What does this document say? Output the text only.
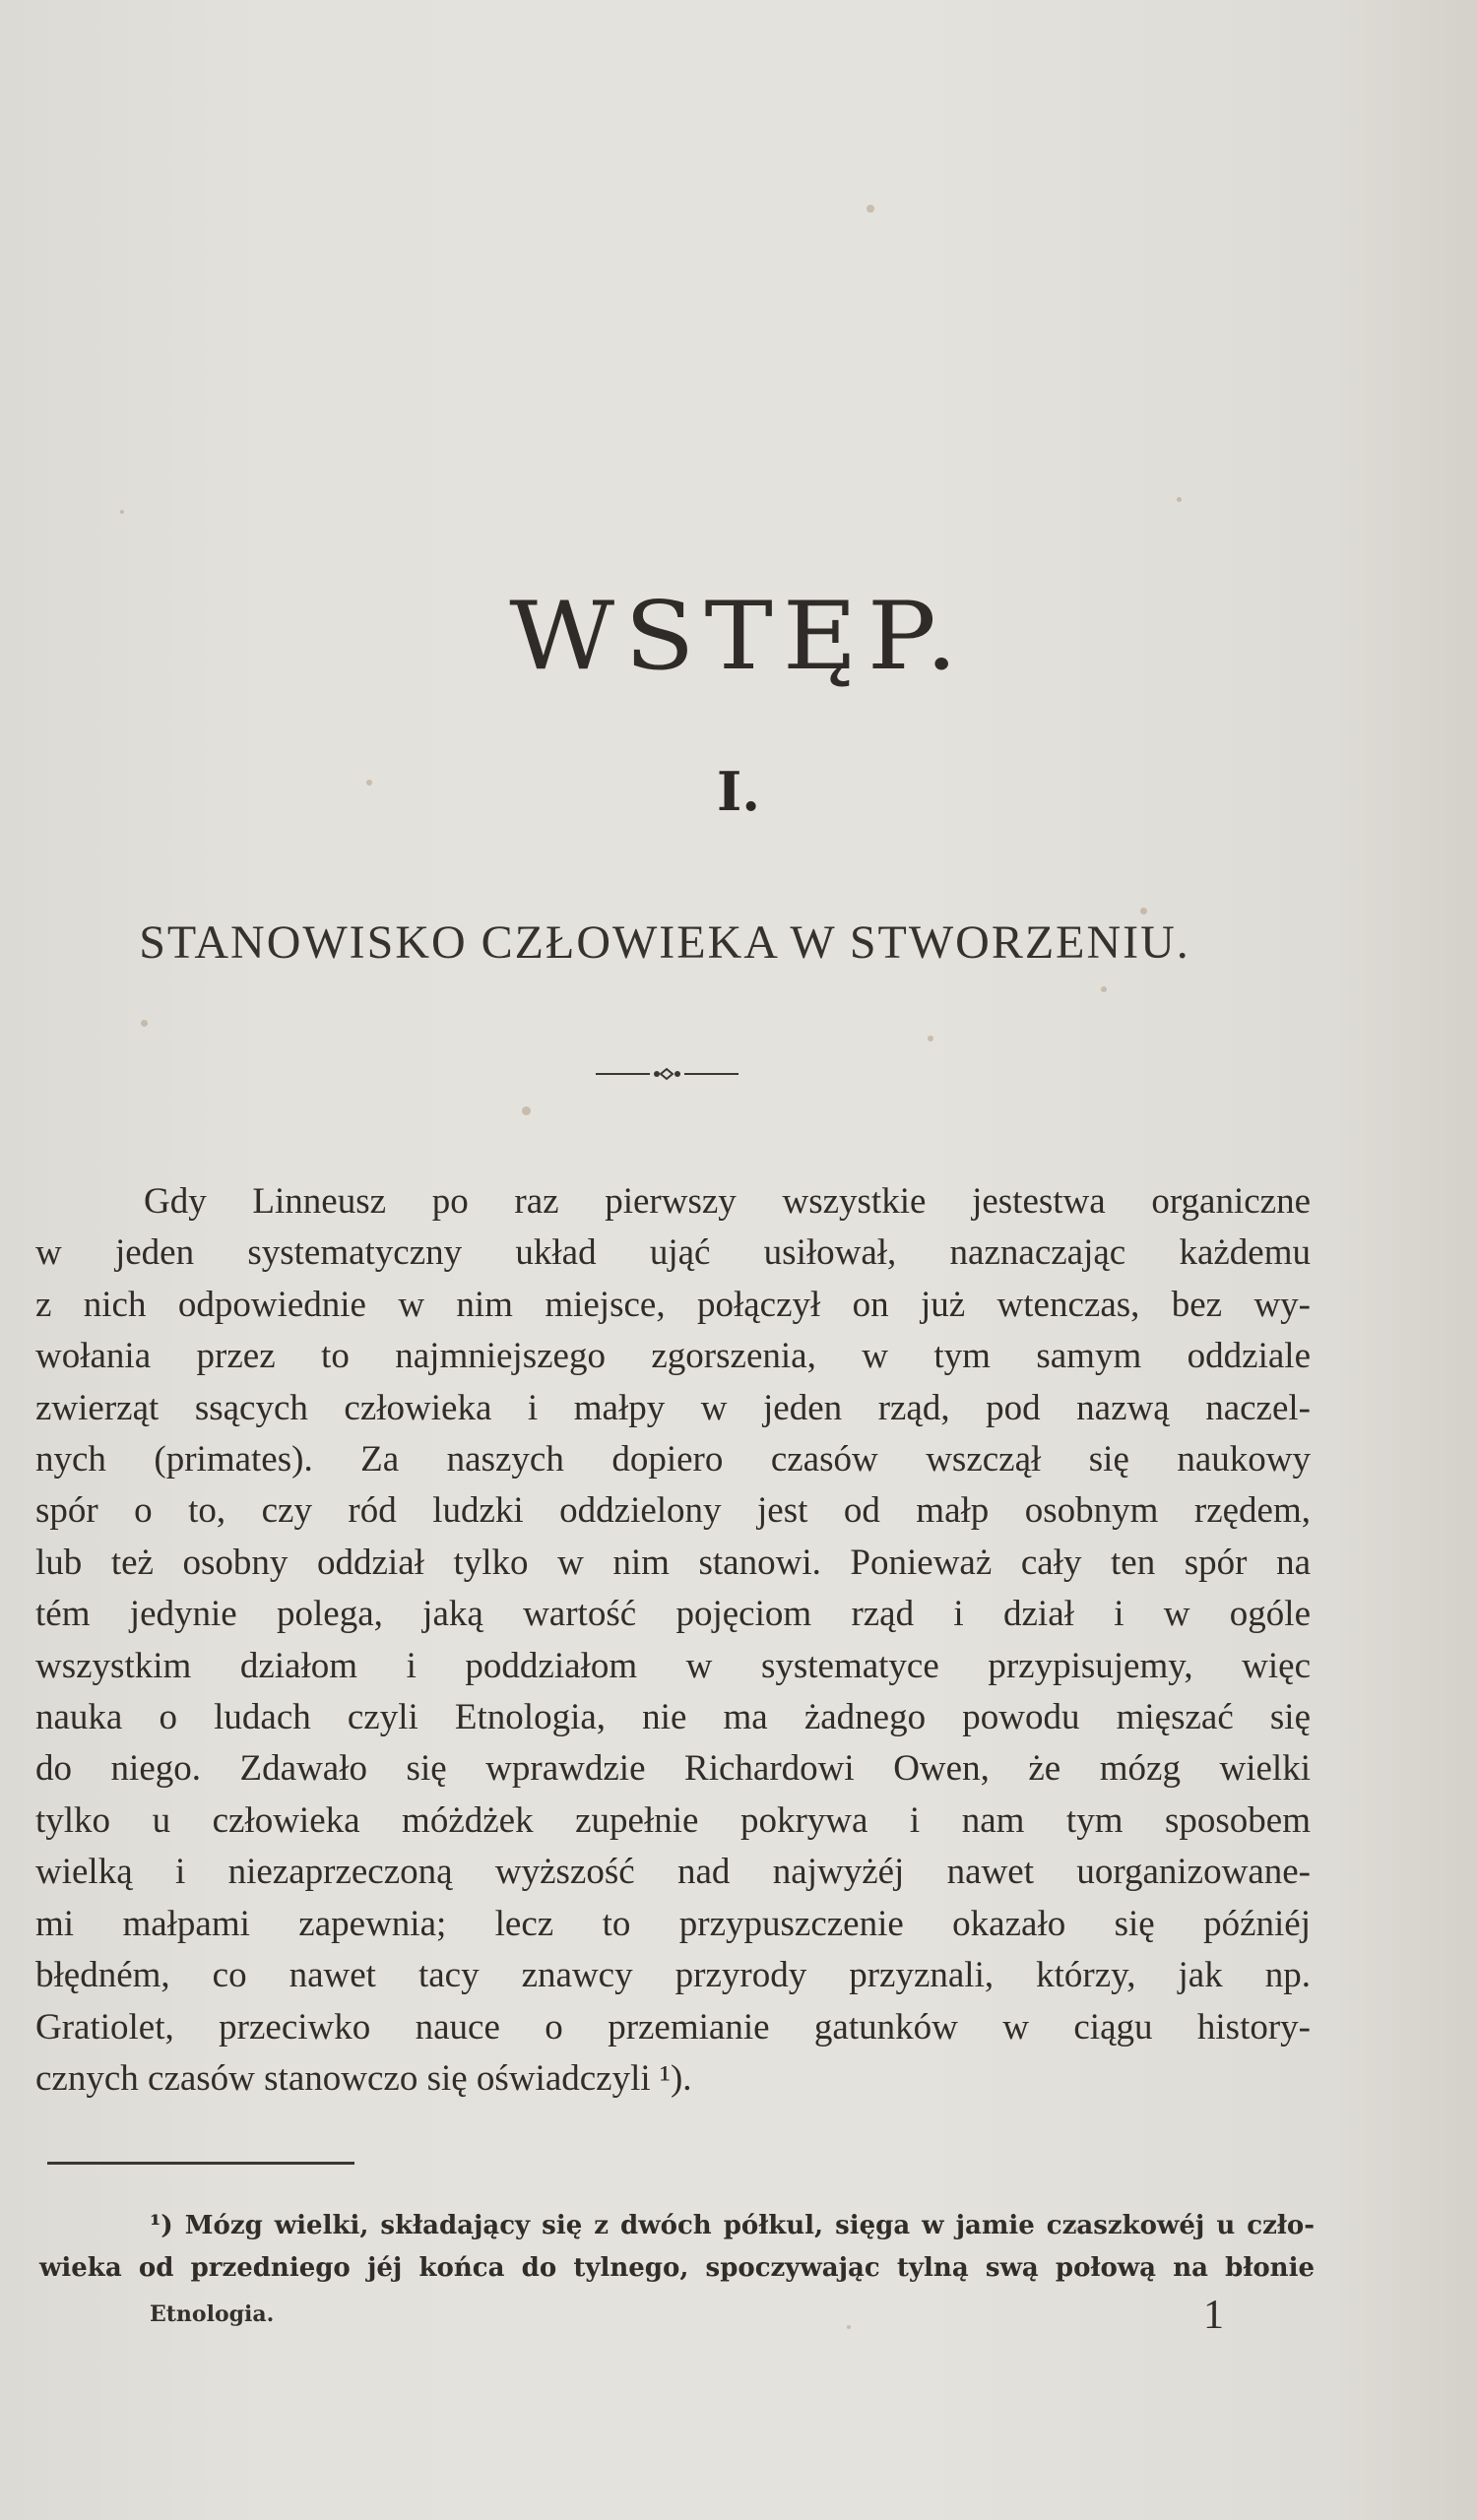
WSTĘP.
I.
STANOWISKO CZŁOWIEKA W STWORZENIU.
Gdy Linneusz po raz pierwszy wszystkie jestestwa organiczne
w jeden systematyczny układ ująć usiłował, naznaczając każdemu
z nich odpowiednie w nim miejsce, połączył on już wtenczas, bez wy-
wołania przez to najmniejszego zgorszenia, w tym samym oddziale
zwierząt ssących człowieka i małpy w jeden rząd, pod nazwą naczel-
nych (primates). Za naszych dopiero czasów wszczął się naukowy
spór o to, czy ród ludzki oddzielony jest od małp osobnym rzędem,
lub też osobny oddział tylko w nim stanowi. Ponieważ cały ten spór na
tém jedynie polega, jaką wartość pojęciom rząd i dział i w ogóle
wszystkim działom i poddziałom w systematyce przypisujemy, więc
nauka o ludach czyli Etnologia, nie ma żadnego powodu mięszać się
do niego. Zdawało się wprawdzie Richardowi Owen, że mózg wielki
tylko u człowieka móżdżek zupełnie pokrywa i nam tym sposobem
wielką i niezaprzeczoną wyższość nad najwyżéj nawet uorganizowane-
mi małpami zapewnia; lecz to przypuszczenie okazało się późniéj
błędném, co nawet tacy znawcy przyrody przyznali, którzy, jak np.
Gratiolet, przeciwko nauce o przemianie gatunków w ciągu history-
cznych czasów stanowczo się oświadczyli ¹).
¹) Mózg wielki, składający się z dwóch półkul, sięga w jamie czaszkowéj u czło-
wieka od przedniego jéj końca do tylnego, spoczywając tylną swą połową na błonie
Etnologia.	1
